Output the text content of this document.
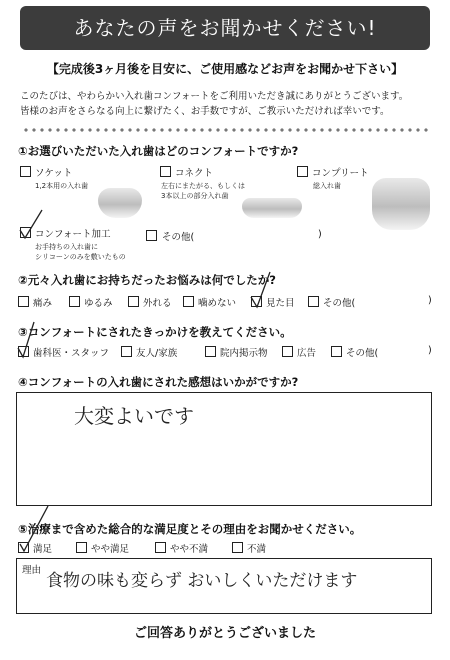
あなたの声をお聞かせください!
【完成後3ヶ月後を目安に、ご使用感などお声をお聞かせ下さい】
このたびは、やわらかい入れ歯コンフォートをご利用いただき誠にありがとうございます。
皆様のお声をさらなる向上に繋げたく、お手数ですが、ご教示いただければ幸いです。
①お選びいただいた入れ歯はどのコンフォートですか?
ソケット
1,2本用の入れ歯
コネクト
左右にまたがる、もしくは
3本以上の部分入れ歯
コンプリート
総入れ歯
コンフォート加工
お手持ちの入れ歯に
シリコーンのみを敷いたもの
その他(	)
②元々入れ歯にお持ちだったお悩みは何でしたか?
痛み	ゆるみ	外れる	噛めない	見た目	その他(	)
③コンフォートにされたきっかけを教えてください。
歯科医・スタッフ	友人/家族	院内掲示物	広告	その他(	)
④コンフォートの入れ歯にされた感想はいかがですか?
大変よいです
⑤治療まで含めた総合的な満足度とその理由をお聞かせください。
満足	やや満足	やや不満	不満
理由
食物の味も変らず おいしくいただけます
ご回答ありがとうございました
